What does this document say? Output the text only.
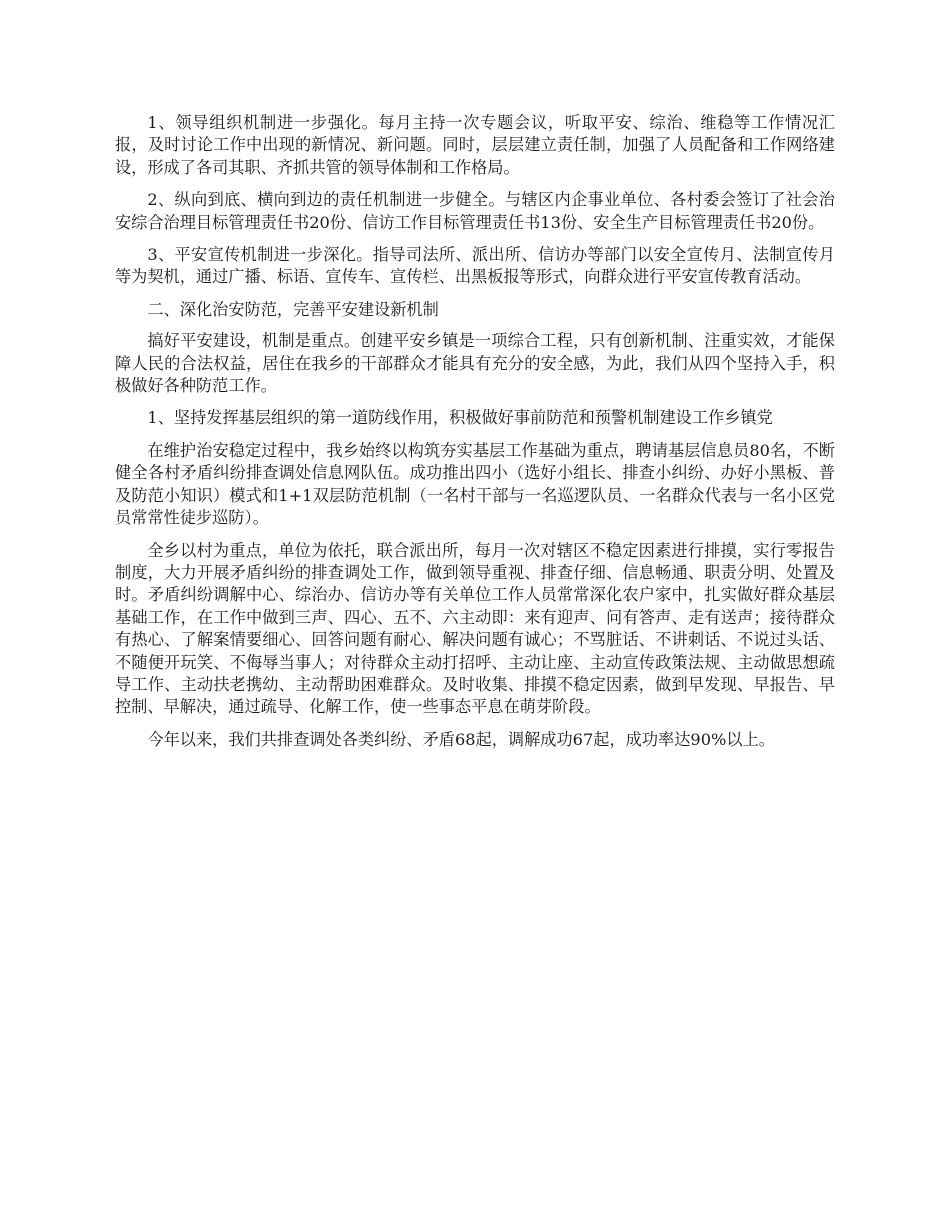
1、领导组织机制进一步强化。每月主持一次专题会议，听取平安、综治、维稳等工作情况汇报，及时讨论工作中出现的新情况、新问题。同时，层层建立责任制，加强了人员配备和工作网络建设，形成了各司其职、齐抓共管的领导体制和工作格局。

2、纵向到底、横向到边的责任机制进一步健全。与辖区内企事业单位、各村委会签订了社会治安综合治理目标管理责任书20份、信访工作目标管理责任书13份、安全生产目标管理责任书20份。

3、平安宣传机制进一步深化。指导司法所、派出所、信访办等部门以安全宣传月、法制宣传月等为契机，通过广播、标语、宣传车、宣传栏、出黑板报等形式，向群众进行平安宣传教育活动。

二、深化治安防范，完善平安建设新机制

搞好平安建设，机制是重点。创建平安乡镇是一项综合工程，只有创新机制、注重实效，才能保障人民的合法权益，居住在我乡的干部群众才能具有充分的安全感，为此，我们从四个坚持入手，积极做好各种防范工作。

1、坚持发挥基层组织的第一道防线作用，积极做好事前防范和预警机制建设工作乡镇党

在维护治安稳定过程中，我乡始终以构筑夯实基层工作基础为重点，聘请基层信息员80名，不断健全各村矛盾纠纷排查调处信息网队伍。成功推出四小（选好小组长、排查小纠纷、办好小黑板、普及防范小知识）模式和1+1双层防范机制（一名村干部与一名巡逻队员、一名群众代表与一名小区党员常常性徒步巡防）。

全乡以村为重点，单位为依托，联合派出所，每月一次对辖区不稳定因素进行排摸，实行零报告制度，大力开展矛盾纠纷的排查调处工作，做到领导重视、排查仔细、信息畅通、职责分明、处置及时。矛盾纠纷调解中心、综治办、信访办等有关单位工作人员常常深化农户家中，扎实做好群众基层基础工作，在工作中做到三声、四心、五不、六主动即：来有迎声、问有答声、走有送声；接待群众有热心、了解案情要细心、回答问题有耐心、解决问题有诚心；不骂脏话、不讲刺话、不说过头话、不随便开玩笑、不侮辱当事人；对待群众主动打招呼、主动让座、主动宣传政策法规、主动做思想疏导工作、主动扶老携幼、主动帮助困难群众。及时收集、排摸不稳定因素，做到早发现、早报告、早控制、早解决，通过疏导、化解工作，使一些事态平息在萌芽阶段。

今年以来，我们共排查调处各类纠纷、矛盾68起，调解成功67起，成功率达90%以上。
